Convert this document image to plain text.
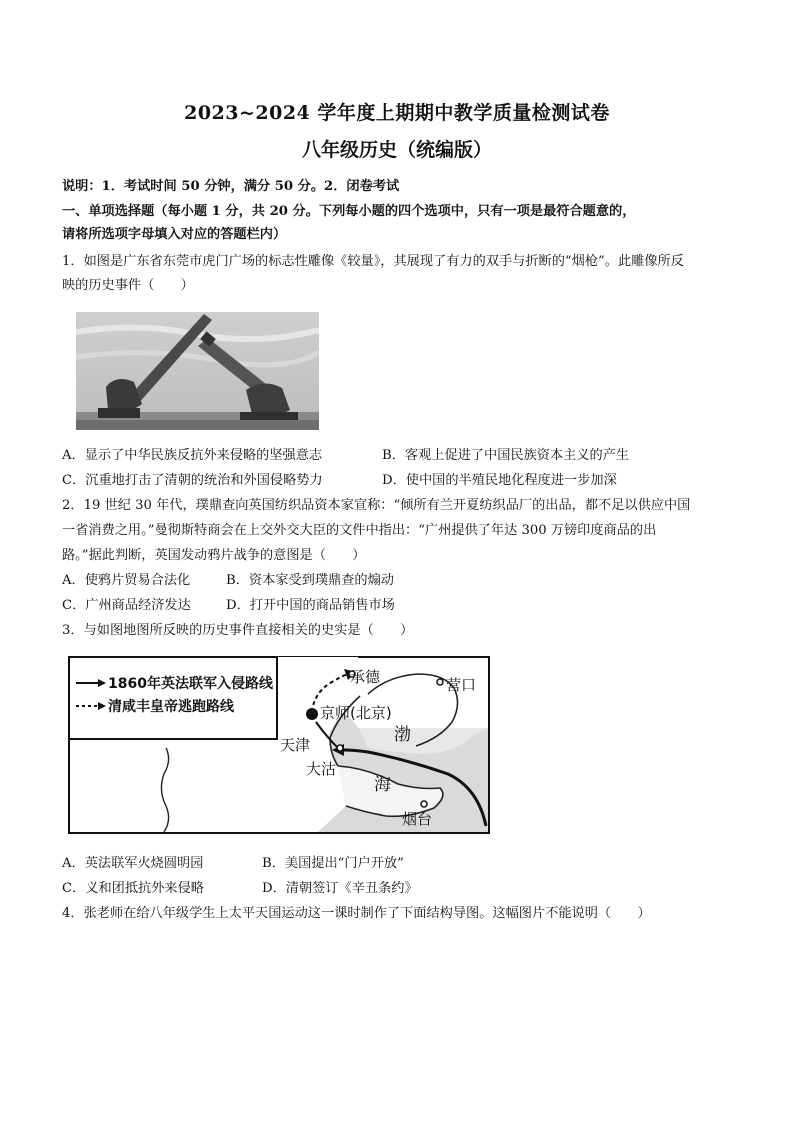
2023~2024 学年度上期期中教学质量检测试卷
八年级历史（统编版）
说明：1．考试时间 50 分钟，满分 50 分。2．闭卷考试
一、单项选择题（每小题 1 分，共 20 分。下列每小题的四个选项中，只有一项是最符合题意的，
请将所选项字母填入对应的答题栏内）
1．如图是广东省东莞市虎门广场的标志性雕像《较量》，其展现了有力的双手与折断的“烟枪”。此雕像所反
映的历史事件（　　）
A．显示了中华民族反抗外来侵略的坚强意志	B．客观上促进了中国民族资本主义的产生
C．沉重地打击了清朝的统治和外国侵略势力	D．使中国的半殖民地化程度进一步加深
2．19 世纪 30 年代，璞鼎查向英国纺织品资本家宣称：“倾所有兰开夏纺织品厂的出品，都不足以供应中国
一省消费之用。”曼彻斯特商会在上交外交大臣的文件中指出：“广州提供了年达 300 万镑印度商品的出
路。”据此判断，英国发动鸦片战争的意图是（　　）
A．使鸦片贸易合法化	B．资本家受到璞鼎查的煽动
C．广州商品经济发达	D．打开中国的商品销售市场
3．与如图地图所反映的历史事件直接相关的史实是（　　）
1860年英法联军入侵路线
清咸丰皇帝逃跑路线
承德	营口
京师(北京)
天津
大沽
渤
海
烟台
A．英法联军火烧圆明园	B．美国提出“门户开放”
C．义和团抵抗外来侵略	D．清朝签订《辛丑条约》
4．张老师在给八年级学生上太平天国运动这一课时制作了下面结构导图。这幅图片不能说明（　　）
